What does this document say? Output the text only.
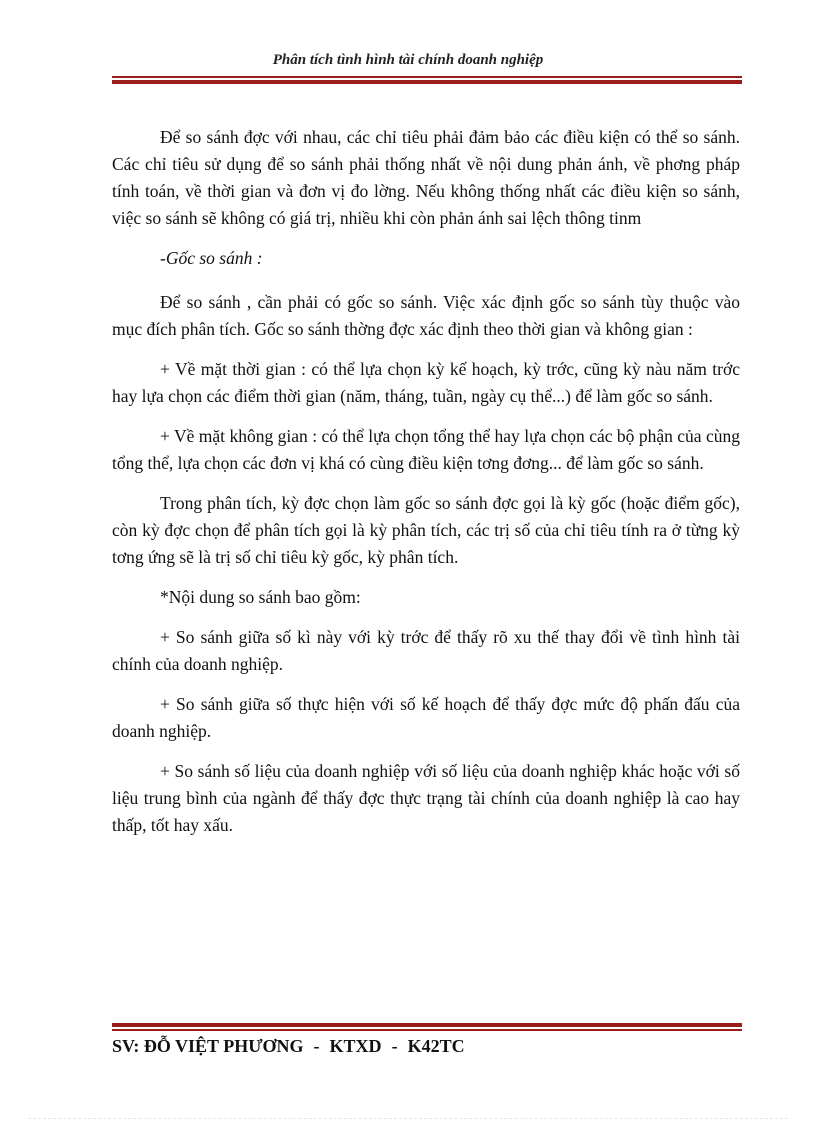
Phân tích tình hình tài chính doanh nghiệp

Để so sánh đợc với nhau, các chỉ tiêu phải đảm bảo các điều kiện có thể so sánh. Các chỉ tiêu sử dụng để so sánh phải thống nhất về nội dung phản ánh, về phơng pháp tính toán, về thời gian và đơn vị đo lờng. Nếu không thống nhất các điều kiện so sánh, việc so sánh sẽ không có giá trị, nhiều khi còn phản ánh sai lệch thông tinm

-Gốc so sánh :

Để so sánh , cần phải có gốc so sánh. Việc xác định gốc so sánh tùy thuộc vào mục đích phân tích. Gốc so sánh thờng đợc xác định theo thời gian và không gian :

+ Về mặt thời gian : có thể lựa chọn kỳ kế hoạch, kỳ trớc, cũng kỳ nàu năm trớc hay lựa chọn các điểm thời gian (năm, tháng, tuần, ngày cụ thể...) để làm gốc so sánh.

+ Về mặt không gian : có thể lựa chọn tổng thể hay lựa chọn các bộ phận của cùng tổng thể, lựa chọn các đơn vị khá có cùng điều kiện tơng đơng... để làm gốc so sánh.

Trong phân tích, kỳ đợc chọn làm gốc so sánh đợc gọi là kỳ gốc (hoặc điểm gốc), còn kỳ đợc chọn để phân tích gọi là kỳ phân tích, các trị số của chỉ tiêu tính ra ở từng kỳ tơng ứng sẽ là trị số chỉ tiêu kỳ gốc, kỳ phân tích.

*Nội dung so sánh bao gồm:

+ So sánh giữa số kì này với kỳ trớc để thấy rõ xu thế thay đổi về tình hình tài chính của doanh nghiệp.

+ So sánh giữa số thực hiện với số kế hoạch để thấy đợc mức độ phấn đấu của doanh nghiệp.

+ So sánh số liệu của doanh nghiệp với số liệu của doanh nghiệp khác hoặc với số liệu trung bình của ngành để thấy đợc thực trạng tài chính của doanh nghiệp là cao hay thấp, tốt hay xấu.

SV: ĐỖ VIỆT PHƯƠNG - KTXD - K42TC
